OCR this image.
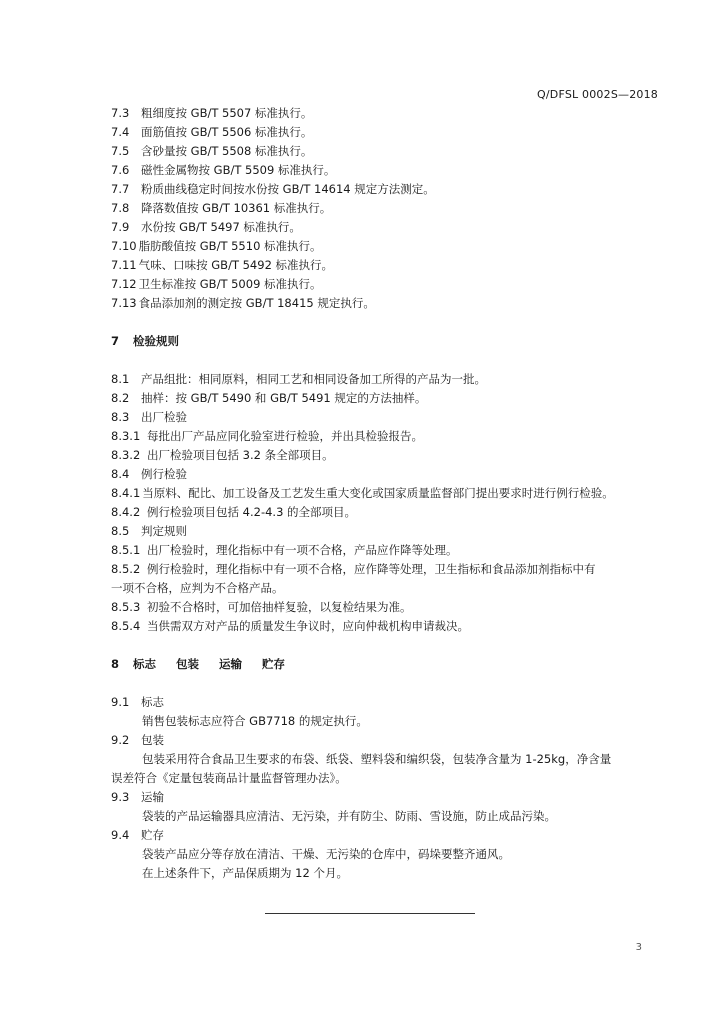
Q/DFSL 0002S—2018
7.3 粗细度按 GB/T 5507 标准执行。
7.4 面筋值按 GB/T 5506 标准执行。
7.5 含砂量按 GB/T 5508 标准执行。
7.6 磁性金属物按 GB/T 5509 标准执行。
7.7 粉质曲线稳定时间按水份按 GB/T 14614 规定方法测定。
7.8 降落数值按 GB/T 10361 标准执行。
7.9 水份按 GB/T 5497 标准执行。
7.10 脂肪酸值按 GB/T 5510 标准执行。
7.11 气味、口味按 GB/T 5492 标准执行。
7.12 卫生标准按 GB/T 5009 标准执行。
7.13 食品添加剂的测定按 GB/T 18415 规定执行。
7 检验规则
8.1 产品组批：相同原料，相同工艺和相同设备加工所得的产品为一批。
8.2 抽样：按 GB/T 5490 和 GB/T 5491 规定的方法抽样。
8.3 出厂检验
8.3.1 每批出厂产品应同化验室进行检验，并出具检验报告。
8.3.2 出厂检验项目包括 3.2 条全部项目。
8.4 例行检验
8.4.1 当原料、配比、加工设备及工艺发生重大变化或国家质量监督部门提出要求时进行例行检验。
8.4.2 例行检验项目包括 4.2-4.3 的全部项目。
8.5 判定规则
8.5.1 出厂检验时，理化指标中有一项不合格，产品应作降等处理。
8.5.2 例行检验时，理化指标中有一项不合格，应作降等处理，卫生指标和食品添加剂指标中有
一项不合格，应判为不合格产品。
8.5.3 初验不合格时，可加倍抽样复验，以复检结果为准。
8.5.4 当供需双方对产品的质量发生争议时，应向仲裁机构申请裁决。
8 标志 包装 运输 贮存
9.1 标志
销售包装标志应符合 GB7718 的规定执行。
9.2 包装
包装采用符合食品卫生要求的布袋、纸袋、塑料袋和编织袋，包装净含量为 1-25kg，净含量
误差符合《定量包装商品计量监督管理办法》。
9.3 运输
袋装的产品运输器具应清洁、无污染，并有防尘、防雨、雪设施，防止成品污染。
9.4 贮存
袋装产品应分等存放在清洁、干燥、无污染的仓库中，码垛要整齐通风。
在上述条件下，产品保质期为 12 个月。
3
